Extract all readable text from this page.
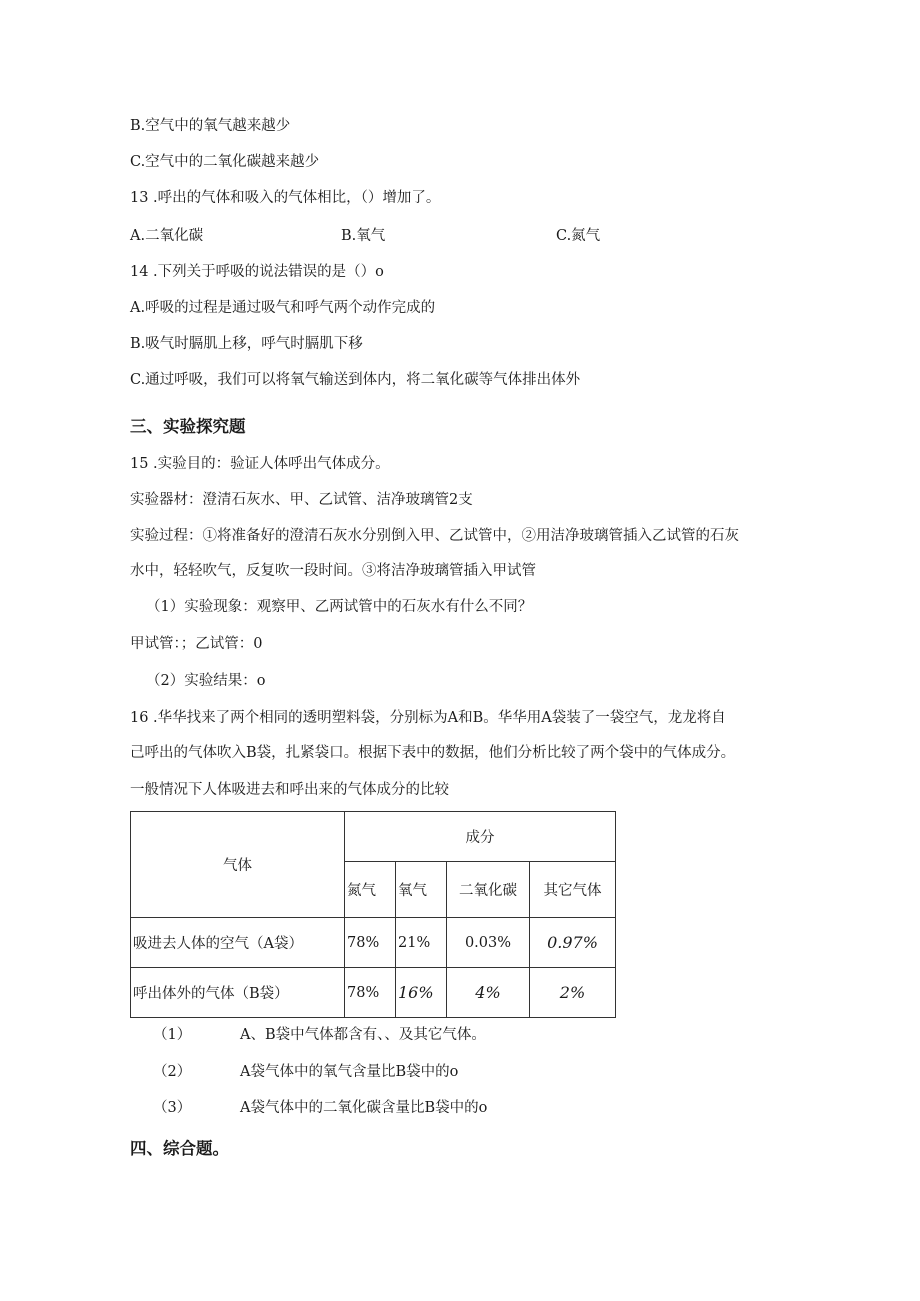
B.空气中的氧气越来越少
C.空气中的二氧化碳越来越少
13 .呼出的气体和吸入的气体相比，（）增加了。
A.二氧化碳	B.氧气	C.氮气
14 .下列关于呼吸的说法错误的是（）o
A.呼吸的过程是通过吸气和呼气两个动作完成的
B.吸气时膈肌上移，呼气时膈肌下移
C.通过呼吸，我们可以将氧气输送到体内，将二氧化碳等气体排出体外
三、实验探究题
15 .实验目的：验证人体呼出气体成分。
实验器材：澄清石灰水、甲、乙试管、洁净玻璃管2支
实验过程：①将准备好的澄清石灰水分别倒入甲、乙试管中，②用洁净玻璃管插入乙试管的石灰
水中，轻轻吹气，反复吹一段时间。③将洁净玻璃管插入甲试管
（1）实验现象：观察甲、乙两试管中的石灰水有什么不同？
甲试管：；乙试管：0
（2）实验结果：o
16 .华华找来了两个相同的透明塑料袋，分别标为A和B。华华用A袋装了一袋空气，龙龙将自
己呼出的气体吹入B袋，扎紧袋口。根据下表中的数据，他们分析比较了两个袋中的气体成分。
一般情况下人体吸进去和呼出来的气体成分的比较
气体	成分			
	氮气	氧气	二氧化碳	其它气体
吸进去人体的空气（A袋）	78%	21%	0.03%	0.97%
呼出体外的气体（B袋）	78%	16%	4%	2%
（1）	A、B袋中气体都含有、、及其它气体。
（2）	A袋气体中的氧气含量比B袋中的o
（3）	A袋气体中的二氧化碳含量比B袋中的o
四、综合题。
